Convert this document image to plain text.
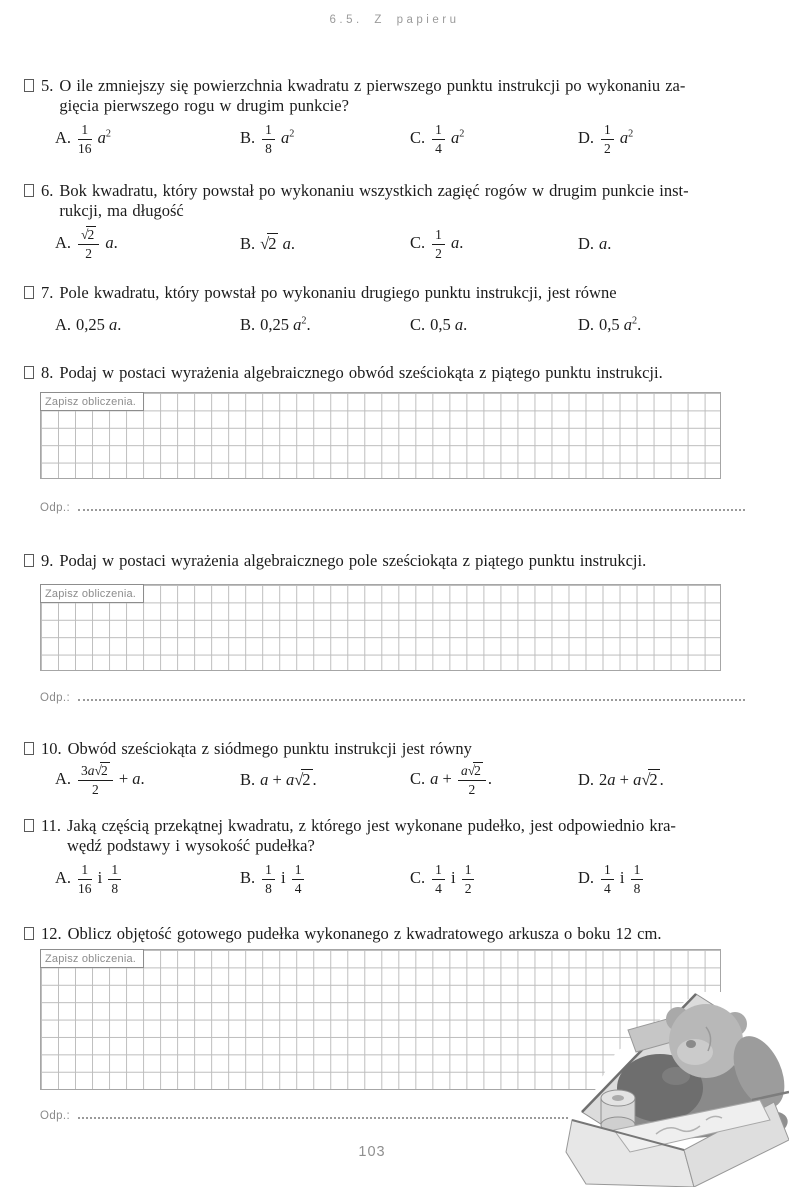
6.5. Z papieru
5. O ile zmniejszy się powierzchnia kwadratu z pierwszego punktu instrukcji po wykonaniu za-
gięcia pierwszego rogu w drugim punkcie?
A. $\frac{1}{16} a^2$	B. $\frac{1}{8} a^2$	C. $\frac{1}{4} a^2$	D. $\frac{1}{2} a^2$
6. Bok kwadratu, który powstał po wykonaniu wszystkich zagięć rogów w drugim punkcie inst-
rukcji, ma długość
A. $\frac{√2}{2} a$.	B. √2 a.	C. $\frac{1}{2} a$.	D. a.
7. Pole kwadratu, który powstał po wykonaniu drugiego punktu instrukcji, jest równe
A. 0,25 a.	B. 0,25 $a^2$.	C. 0,5 a.	D. 0,5 $a^2$.
8. Podaj w postaci wyrażenia algebraicznego obwód sześciokąta z piątego punktu instrukcji.
Zapisz obliczenia.
Odp.:
9. Podaj w postaci wyrażenia algebraicznego pole sześciokąta z piątego punktu instrukcji.
Zapisz obliczenia.
Odp.:
10. Obwód sześciokąta z siódmego punktu instrukcji jest równy
A. $\frac{3a√2}{2} + a$.	B. a + a√2 .	C. $a + \frac{a√2}{2}$ .	D. 2a + a√2 .
11. Jaką częścią przekątnej kwadratu, z którego jest wykonane pudełko, jest odpowiednio kra-
wędź podstawy i wysokość pudełka?
A. $\frac{1}{16}$ i $\frac{1}{8}$	B. $\frac{1}{8}$ i $\frac{1}{4}$	C. $\frac{1}{4}$ i $\frac{1}{2}$	D. $\frac{1}{4}$ i $\frac{1}{8}$
12. Oblicz objętość gotowego pudełka wykonanego z kwadratowego arkusza o boku 12 cm.
Zapisz obliczenia.
Odp.:
103
